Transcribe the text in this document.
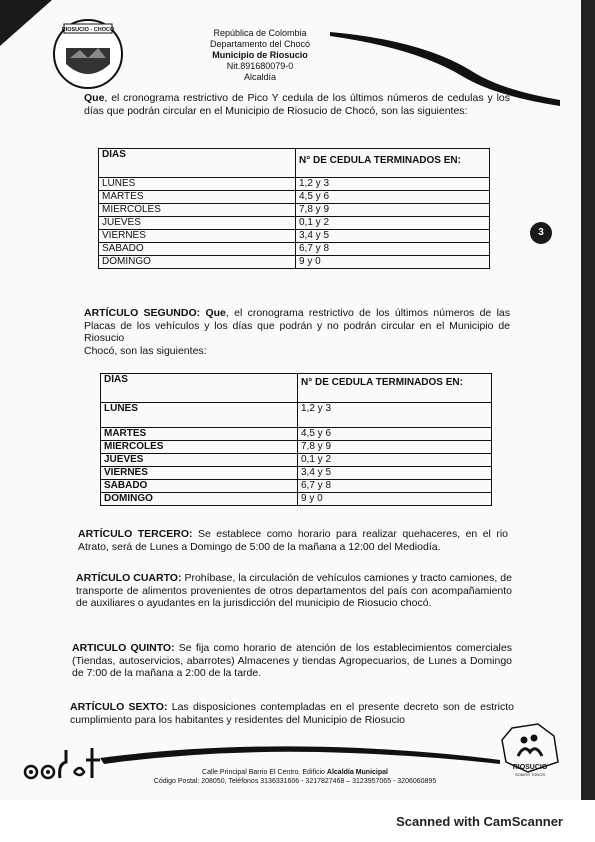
RIOSUCIO - CHOCÓ
1516
República de Colombia
Departamento del Chocó
Municipio de Riosucio
Nit.891680079-0
Alcaldía

Que, el cronograma restrictivo de Pico Y cedula de los últimos números de cedulas y los días que podrán circular en el Municipio de Riosucio de Chocó, son las siguientes:

DÍAS	N° DE CEDULA TERMINADOS EN:
LUNES	1,2 y 3
MARTES	4,5 y 6
MIERCOLES	7,8 y 9
JUEVES	0,1 y 2
VIERNES	3,4 y 5
SABADO	6,7 y 8
DOMINGO	9 y 0
3

ARTÍCULO SEGUNDO: Que, el cronograma restrictivo de los últimos números de las Placas de los vehículos y los días que podrán y no podrán circular en el Municipio de Riosucio
Chocó, son las siguientes:

DÍAS	N° DE CEDULA TERMINADOS EN:
LUNES	1,2 y 3
MARTES	4,5 y 6
MIERCOLES	7,8 y 9
JUEVES	0,1 y 2
VIERNES	3,4 y 5
SABADO	6,7 y 8
DOMINGO	9 y 0

ARTÍCULO TERCERO: Se establece como horario para realizar quehaceres, en el rio Atrato, será de Lunes a Domingo de 5:00 de la mañana a 12:00 del Mediodía.

ARTÍCULO CUARTO: Prohíbase, la circulación de vehículos camiones y tracto camiones, de transporte de alimentos provenientes de otros departamentos del país con acompañamiento de auxiliares o ayudantes en la jurisdicción del municipio de Riosucio chocó.

ARTICULO QUINTO: Se fija como horario de atención de los establecimientos comerciales (Tiendas, autoservicios, abarrotes) Almacenes y tiendas Agropecuarios, de Lunes a Domingo de 7:00 de la mañana a 2:00 de la tarde.

ARTÍCULO SEXTO: Las disposiciones contempladas en el presente decreto son de estricto cumplimiento para los habitantes y residentes del Municipio de Riosucio

Calle Principal Barrio El Centro. Edificio Alcaldía Municipal
Código Postal: 208050, Teléfonos 3136331606 - 3217827468 – 3123957065 - 3206060895
RIOSUCIO
SOMOS TODOS
Scanned with CamScanner
